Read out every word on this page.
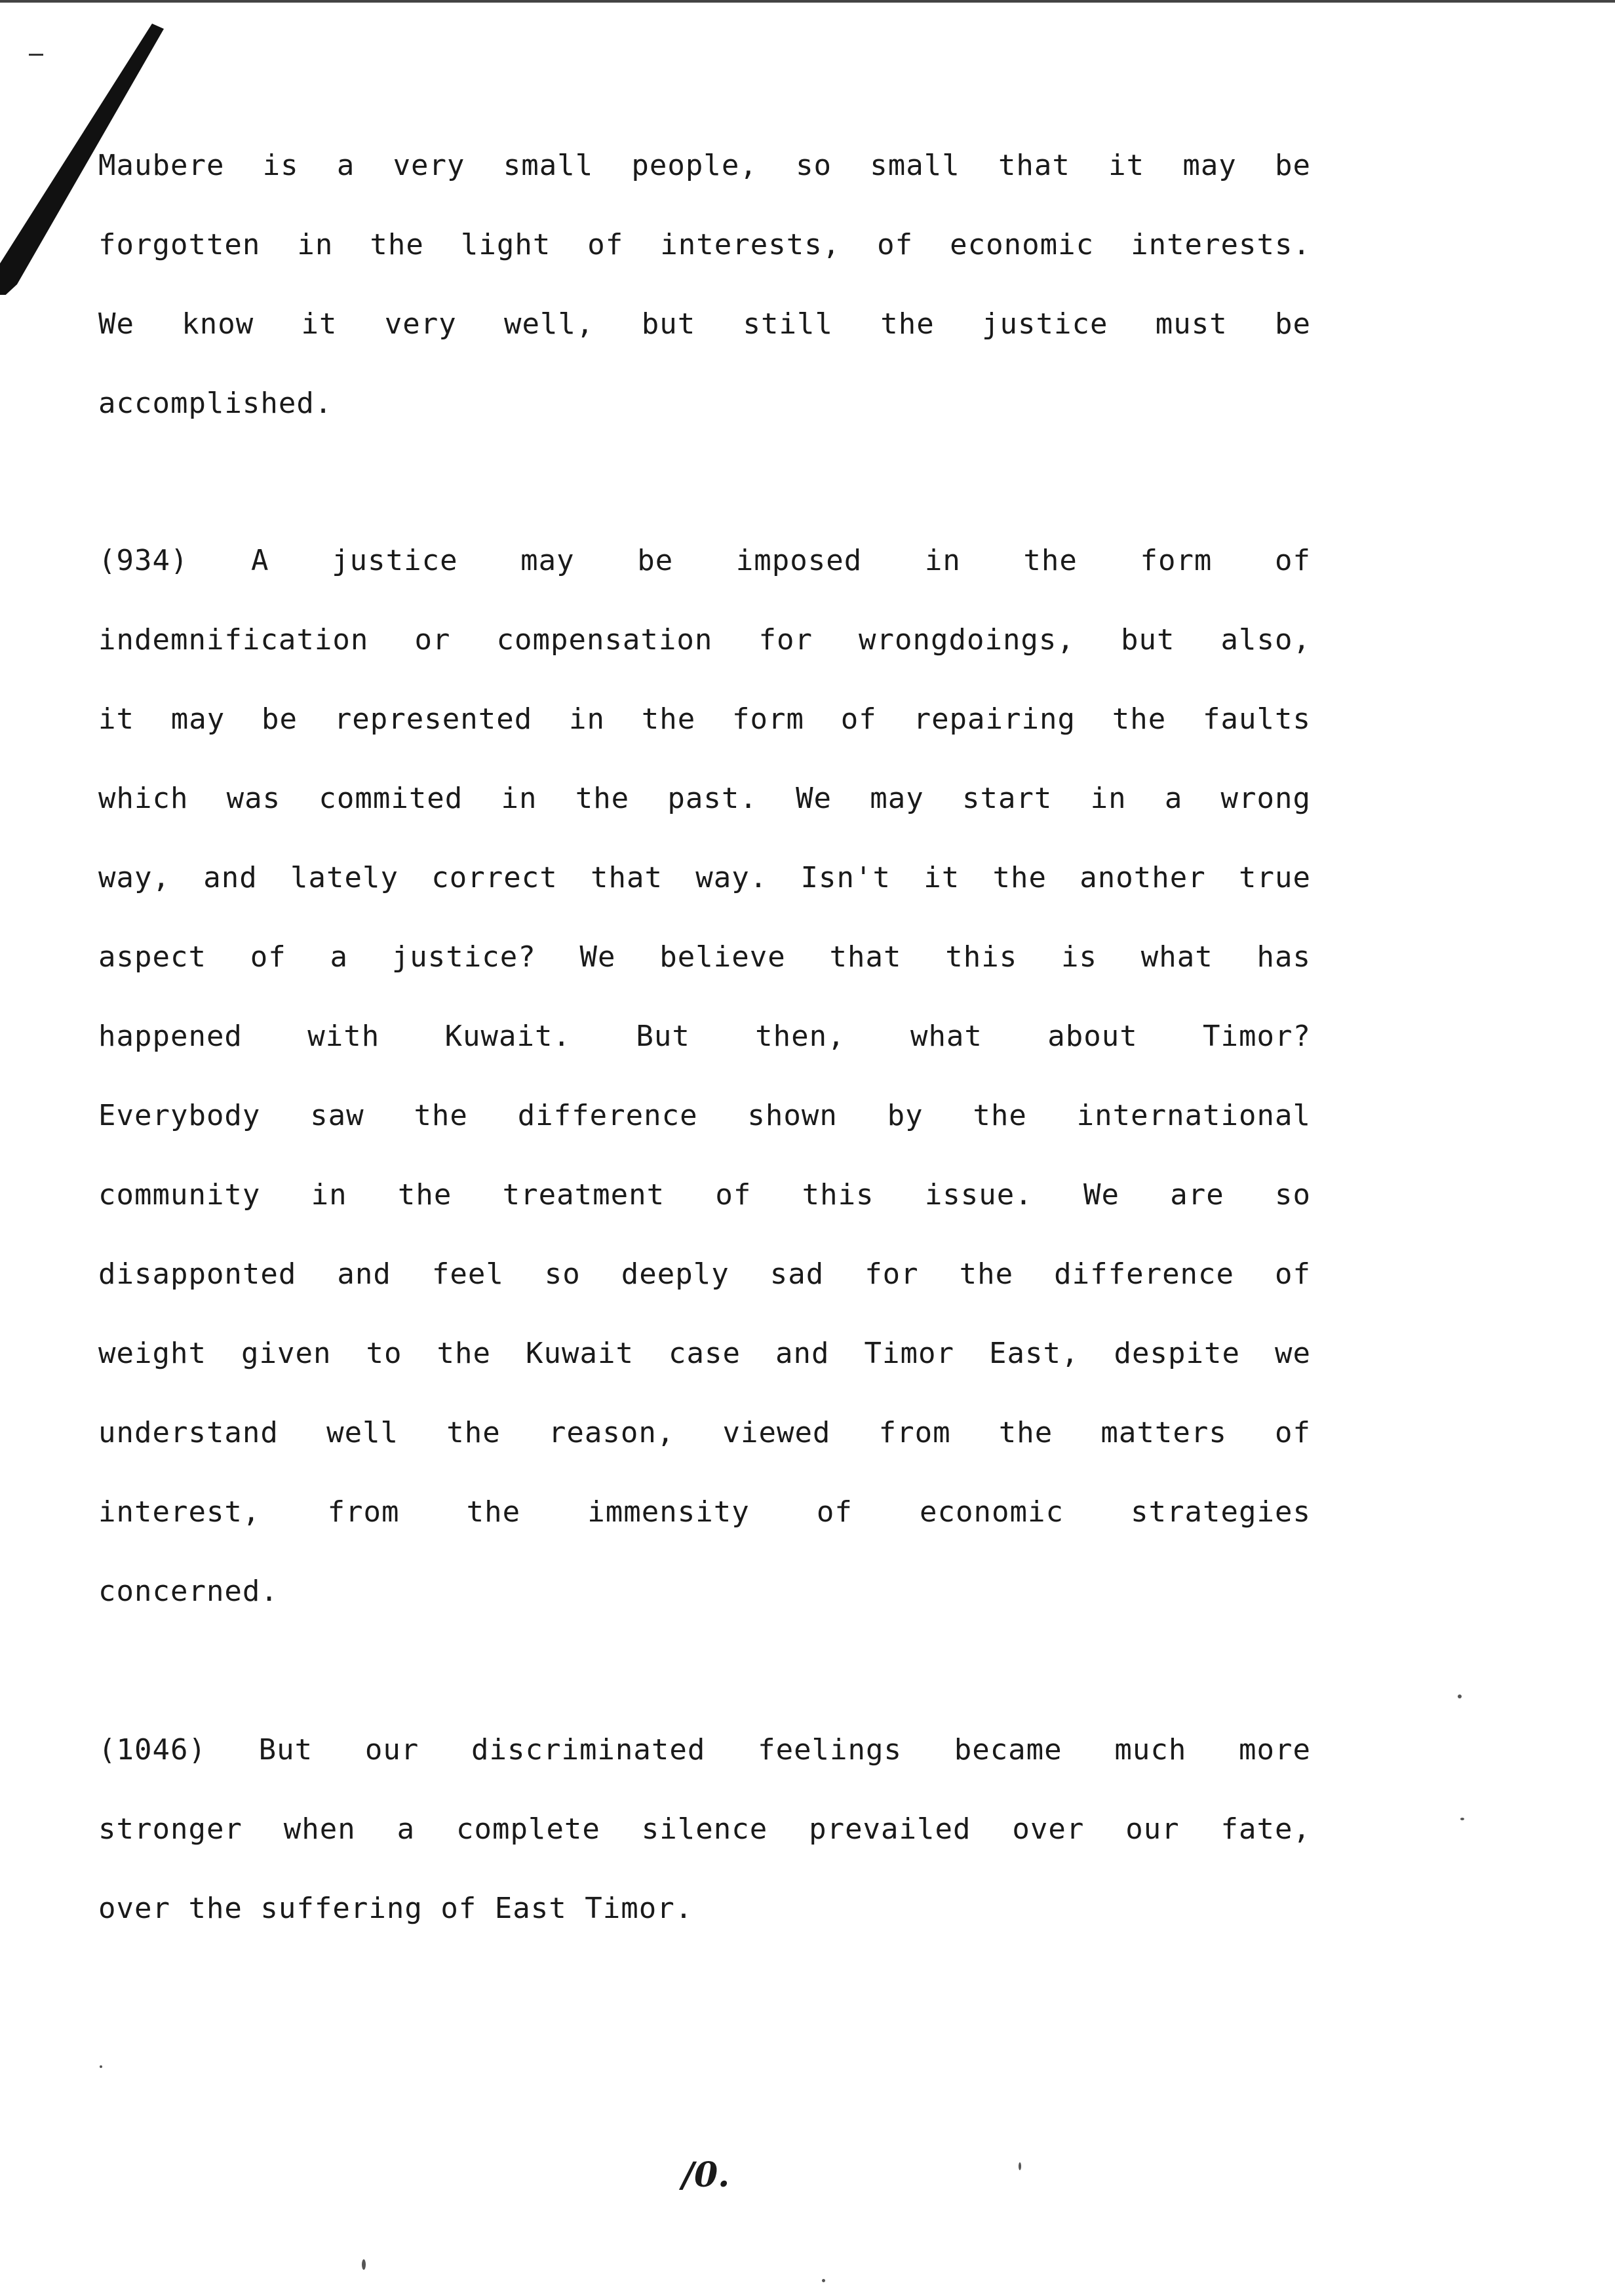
Maubere is a very small people, so small that it may be
forgotten in the light of interests, of economic interests.
We know it very well, but still the justice must be
accomplished.
(934) A justice may be imposed in the form of
indemnification or compensation for wrongdoings, but also,
it may be represented in the form of repairing the faults
which was commited in the past. We may start in a wrong
way, and lately correct that way. Isn't it the another true
aspect of a justice? We believe that this is what has
happened with Kuwait. But then, what about Timor?
Everybody saw the difference shown by the international
community in the treatment of this issue. We are so
disapponted and feel so deeply sad for the difference of
weight given to the Kuwait case and Timor East, despite we
understand well the reason, viewed from the matters of
interest, from the immensity of economic strategies
concerned.
(1046) But our discriminated feelings became much more
stronger when a complete silence prevailed over our fate,
over the suffering of East Timor.
/0.
